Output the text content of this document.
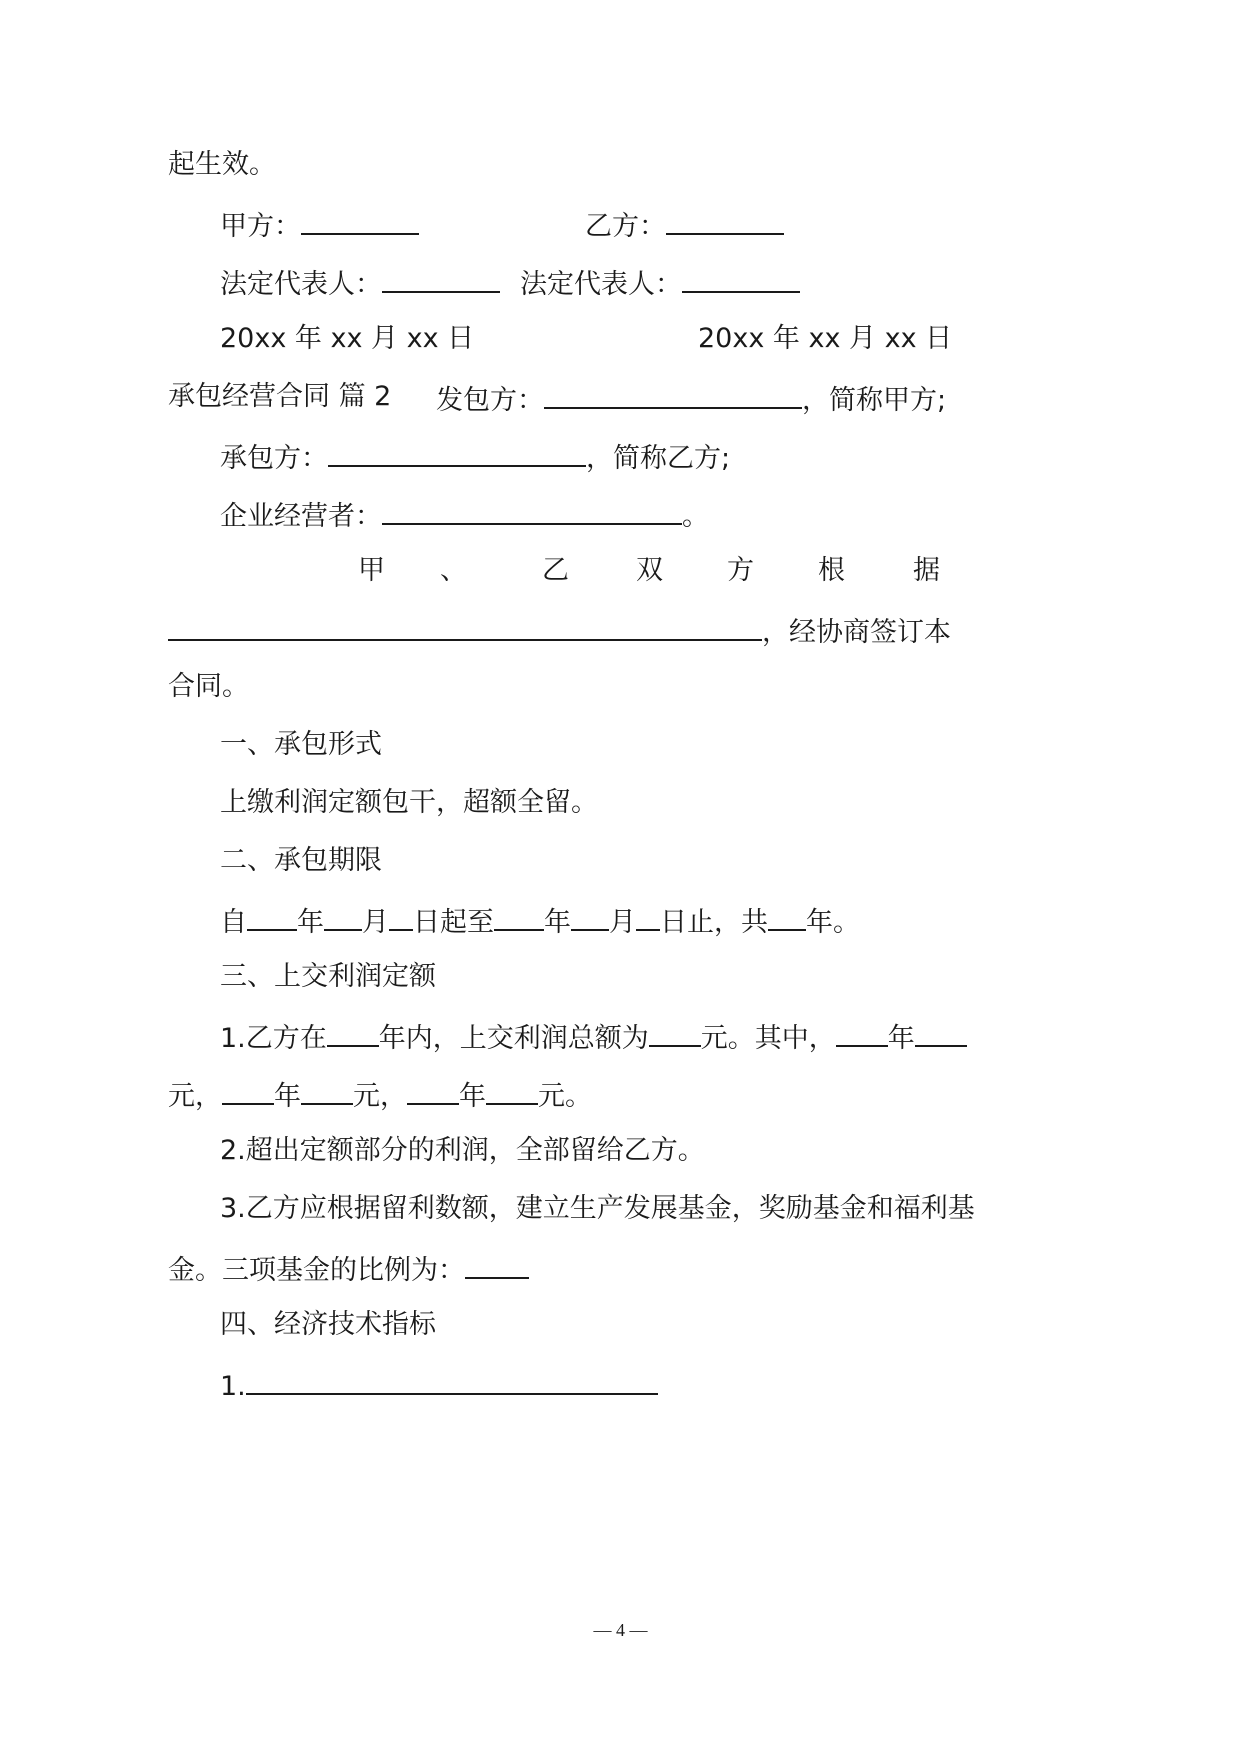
起生效。
甲方：	乙方：
法定代表人：	法定代表人：
20xx 年 xx 月 xx 日	20xx 年 xx 月 xx 日
承包经营合同 篇 2 发包方：	，简称甲方;
承包方：	，简称乙方;
企业经营者：	。
甲 、	乙 双 方 根	据
，经协商签订本
合同。
一、承包形式
上缴利润定额包干，超额全留。
二、承包期限
自 年 月 日起至 年 月 日止，共 年。
三、上交利润定额
1.乙方在 年内，上交利润总额为 元。其中， 年
元， 年 元， 年 元。
2.超出定额部分的利润，全部留给乙方。
3.乙方应根据留利数额，建立生产发展基金，奖励基金和福利基
金。三项基金的比例为：
四、经济技术指标
1.
— 4 —
